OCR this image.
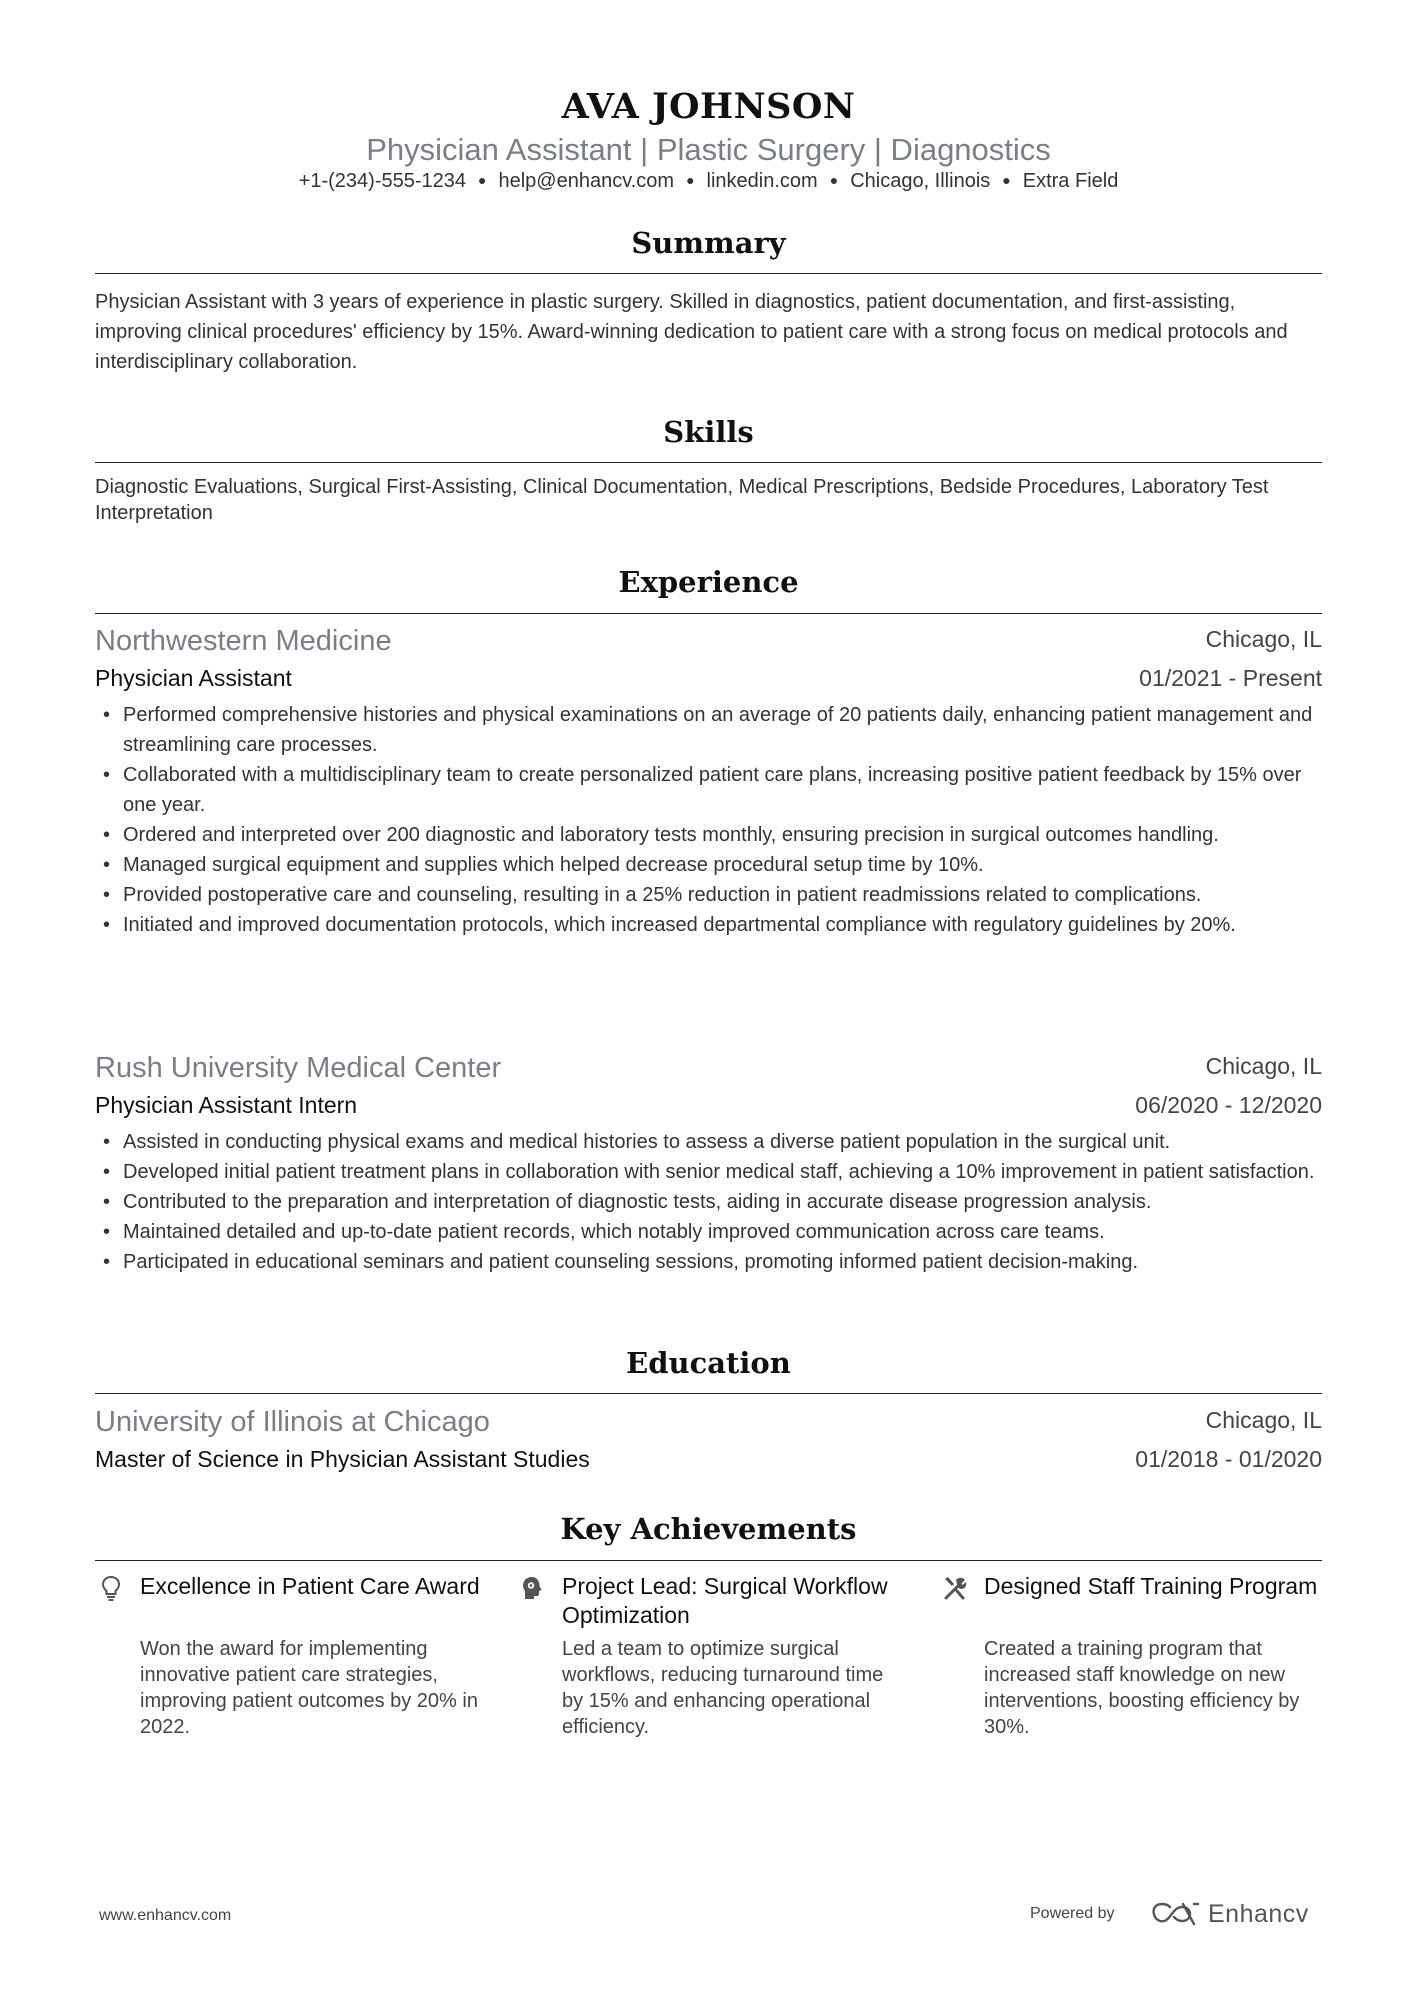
AVA JOHNSON
Physician Assistant | Plastic Surgery | Diagnostics
+1-(234)-555-1234 ● help@enhancv.com ● linkedin.com ● Chicago, Illinois ● Extra Field
Summary
Physician Assistant with 3 years of experience in plastic surgery. Skilled in diagnostics, patient documentation, and first-assisting, improving clinical procedures' efficiency by 15%. Award-winning dedication to patient care with a strong focus on medical protocols and interdisciplinary collaboration.
Skills
Diagnostic Evaluations, Surgical First-Assisting, Clinical Documentation, Medical Prescriptions, Bedside Procedures, Laboratory Test Interpretation
Experience
Northwestern Medicine	Chicago, IL
Physician Assistant	01/2021 - Present
• Performed comprehensive histories and physical examinations on an average of 20 patients daily, enhancing patient management and streamlining care processes.
• Collaborated with a multidisciplinary team to create personalized patient care plans, increasing positive patient feedback by 15% over one year.
• Ordered and interpreted over 200 diagnostic and laboratory tests monthly, ensuring precision in surgical outcomes handling.
• Managed surgical equipment and supplies which helped decrease procedural setup time by 10%.
• Provided postoperative care and counseling, resulting in a 25% reduction in patient readmissions related to complications.
• Initiated and improved documentation protocols, which increased departmental compliance with regulatory guidelines by 20%.
Rush University Medical Center	Chicago, IL
Physician Assistant Intern	06/2020 - 12/2020
• Assisted in conducting physical exams and medical histories to assess a diverse patient population in the surgical unit.
• Developed initial patient treatment plans in collaboration with senior medical staff, achieving a 10% improvement in patient satisfaction.
• Contributed to the preparation and interpretation of diagnostic tests, aiding in accurate disease progression analysis.
• Maintained detailed and up-to-date patient records, which notably improved communication across care teams.
• Participated in educational seminars and patient counseling sessions, promoting informed patient decision-making.
Education
University of Illinois at Chicago	Chicago, IL
Master of Science in Physician Assistant Studies	01/2018 - 01/2020
Key Achievements
Excellence in Patient Care Award
Won the award for implementing innovative patient care strategies, improving patient outcomes by 20% in 2022.
Project Lead: Surgical Workflow Optimization
Led a team to optimize surgical workflows, reducing turnaround time by 15% and enhancing operational efficiency.
Designed Staff Training Program
Created a training program that increased staff knowledge on new interventions, boosting efficiency by 30%.
www.enhancv.com	Powered by	Enhancv
